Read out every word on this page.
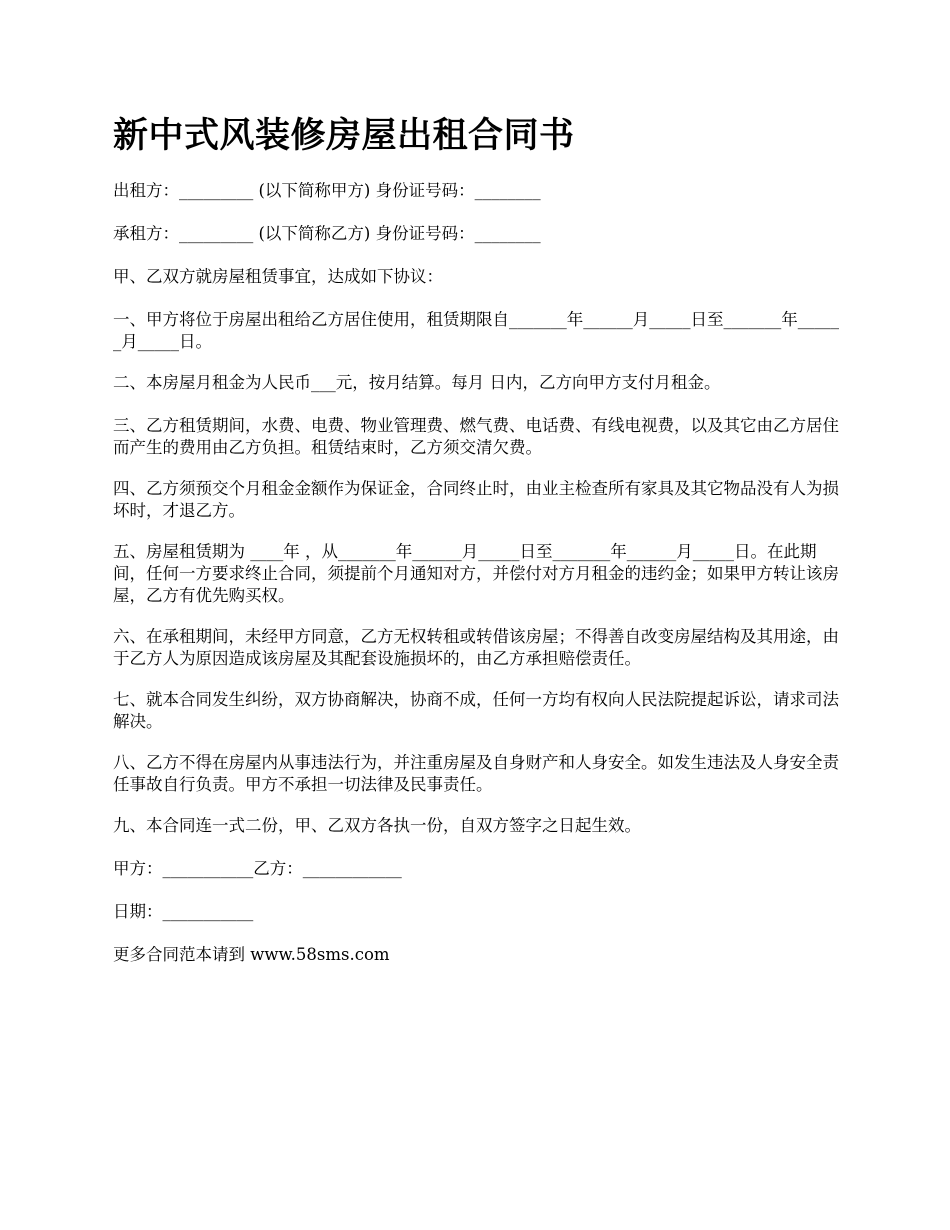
新中式风装修房屋出租合同书

出租方：_________ (以下简称甲方) 身份证号码：________

承租方：_________ (以下简称乙方) 身份证号码：________

甲、乙双方就房屋租赁事宜，达成如下协议：

一、甲方将位于房屋出租给乙方居住使用，租赁期限自_______年______月_____日至_______年______月_____日。

二、本房屋月租金为人民币___元，按月结算。每月 日内，乙方向甲方支付月租金。

三、乙方租赁期间，水费、电费、物业管理费、燃气费、电话费、有线电视费，以及其它由乙方居住而产生的费用由乙方负担。租赁结束时，乙方须交清欠费。

四、乙方须预交个月租金金额作为保证金，合同终止时，由业主检查所有家具及其它物品没有人为损坏时，才退乙方。

五、房屋租赁期为 ____年 ，从_______年______月_____日至_______年______月_____日。在此期间，任何一方要求终止合同，须提前个月通知对方，并偿付对方月租金的违约金；如果甲方转让该房屋，乙方有优先购买权。

六、在承租期间，未经甲方同意，乙方无权转租或转借该房屋；不得善自改变房屋结构及其用途，由于乙方人为原因造成该房屋及其配套设施损坏的，由乙方承担赔偿责任。

七、就本合同发生纠纷，双方协商解决，协商不成，任何一方均有权向人民法院提起诉讼，请求司法解决。

八、乙方不得在房屋内从事违法行为，并注重房屋及自身财产和人身安全。如发生违法及人身安全责任事故自行负责。甲方不承担一切法律及民事责任。

九、本合同连一式二份，甲、乙双方各执一份，自双方签字之日起生效。

甲方：___________乙方：____________

日期：___________

更多合同范本请到 www.58sms.com
